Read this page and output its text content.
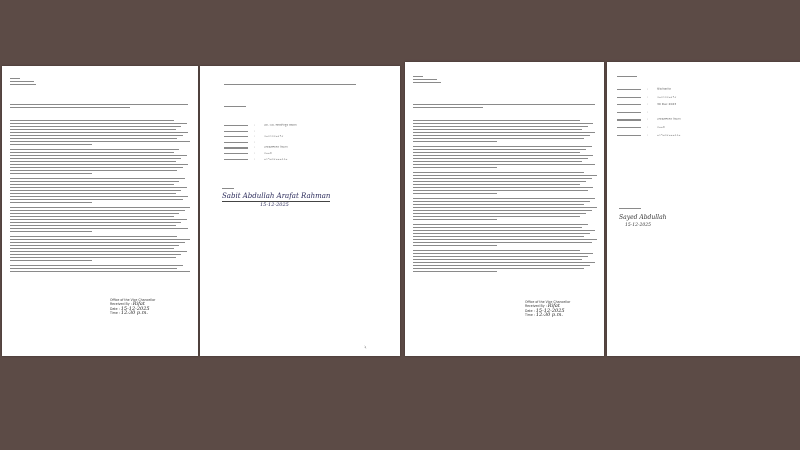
Office of the Vice Chancellor
Received By : Rifat
Date : 15-12-2025
Time : 12:30 p.m.
:	মো. এম. আরাফিয়ুর রহমান
:
:	২০২১৩২০৫৭৫
:
:	লোকপ্রশাসন বিভাগ
:	৩০০৪
:	০১৭০৩৫০০০২২০
Sabit Abdullah Arafat Rahman
15-12-2025
২
Office of the Vice Chancellor
Received By : Rifat
Date : 15-12-2025
Time : 12:30 p.m.
:	ইঞ্জিনিয়ারিং
:	২০২১৩২০৫৭৫
:	30 Dec 2023
:
:	লোকপ্রশাসন বিভাগ
:	৩০০৪
:	০১৭০৩৫০০০২২০
Sayed Abdullah
15-12-2025
